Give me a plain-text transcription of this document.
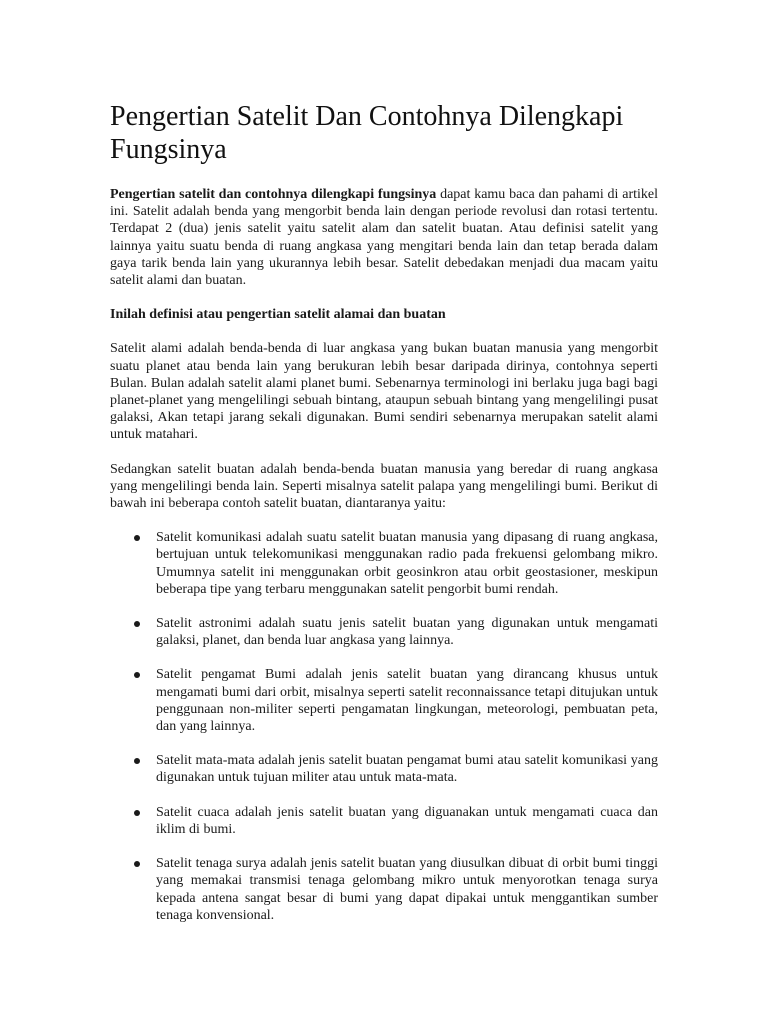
Pengertian Satelit Dan Contohnya Dilengkapi Fungsinya

Pengertian satelit dan contohnya dilengkapi fungsinya dapat kamu baca dan pahami di artikel ini. Satelit adalah benda yang mengorbit benda lain dengan periode revolusi dan rotasi tertentu. Terdapat 2 (dua) jenis satelit yaitu satelit alam dan satelit buatan. Atau definisi satelit yang lainnya yaitu suatu benda di ruang angkasa yang mengitari benda lain dan tetap berada dalam gaya tarik benda lain yang ukurannya lebih besar. Satelit debedakan menjadi dua macam yaitu satelit alami dan buatan.

Inilah definisi atau pengertian satelit alamai dan buatan

Satelit alami adalah benda-benda di luar angkasa yang bukan buatan manusia yang mengorbit suatu planet atau benda lain yang berukuran lebih besar daripada dirinya, contohnya seperti Bulan. Bulan adalah satelit alami planet bumi. Sebenarnya terminologi ini berlaku juga bagi bagi planet-planet yang mengelilingi sebuah bintang, ataupun sebuah bintang yang mengelilingi pusat galaksi, Akan tetapi jarang sekali digunakan. Bumi sendiri sebenarnya merupakan satelit alami untuk matahari.

Sedangkan satelit buatan adalah benda-benda buatan manusia yang beredar di ruang angkasa yang mengelilingi benda lain. Seperti misalnya satelit palapa yang mengelilingi bumi. Berikut di bawah ini beberapa contoh satelit buatan, diantaranya yaitu:

Satelit komunikasi adalah suatu satelit buatan manusia yang dipasang di ruang angkasa, bertujuan untuk telekomunikasi menggunakan radio pada frekuensi gelombang mikro. Umumnya satelit ini menggunakan orbit geosinkron atau orbit geostasioner, meskipun beberapa tipe yang terbaru menggunakan satelit pengorbit bumi rendah.
Satelit astronimi adalah suatu jenis satelit buatan yang digunakan untuk mengamati galaksi, planet, dan benda luar angkasa yang lainnya.
Satelit pengamat Bumi adalah jenis satelit buatan yang dirancang khusus untuk mengamati bumi dari orbit, misalnya seperti satelit reconnaissance tetapi ditujukan untuk penggunaan non-militer seperti pengamatan lingkungan, meteorologi, pembuatan peta, dan yang lainnya.
Satelit mata-mata adalah jenis satelit buatan pengamat bumi atau satelit komunikasi yang digunakan untuk tujuan militer atau untuk mata-mata.
Satelit cuaca adalah jenis satelit buatan yang diguanakan untuk mengamati cuaca dan iklim di bumi.
Satelit tenaga surya adalah jenis satelit buatan yang diusulkan dibuat di orbit bumi tinggi yang memakai transmisi tenaga gelombang mikro untuk menyorotkan tenaga surya kepada antena sangat besar di bumi yang dapat dipakai untuk menggantikan sumber tenaga konvensional.
